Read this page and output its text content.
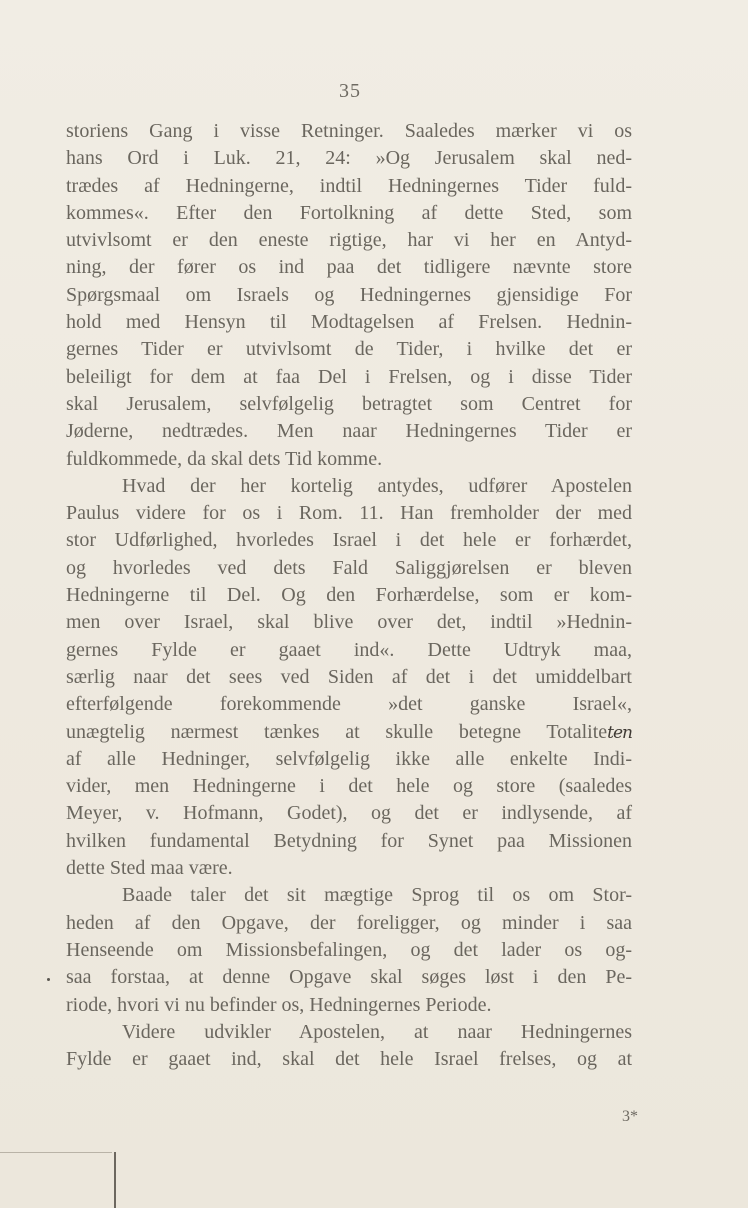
35
storiens Gang i visse Retninger. Saaledes mærker vi os
hans Ord i Luk. 21, 24: »Og Jerusalem skal ned-
trædes af Hedningerne, indtil Hedningernes Tider fuld-
kommes«. Efter den Fortolkning af dette Sted, som
utvivlsomt er den eneste rigtige, har vi her en Antyd-
ning, der fører os ind paa det tidligere nævnte store
Spørgsmaal om Israels og Hedningernes gjensidige For
hold med Hensyn til Modtagelsen af Frelsen. Hednin-
gernes Tider er utvivlsomt de Tider, i hvilke det er
beleiligt for dem at faa Del i Frelsen, og i disse Tider
skal Jerusalem, selvfølgelig betragtet som Centret for
Jøderne, nedtrædes. Men naar Hedningernes Tider er
fuldkommede, da skal dets Tid komme.
Hvad der her kortelig antydes, udfører Apostelen
Paulus videre for os i Rom. 11. Han fremholder der med
stor Udførlighed, hvorledes Israel i det hele er forhærdet,
og hvorledes ved dets Fald Saliggjørelsen er bleven
Hedningerne til Del. Og den Forhærdelse, som er kom-
men over Israel, skal blive over det, indtil »Hednin-
gernes Fylde er gaaet ind«. Dette Udtryk maa,
særlig naar det sees ved Siden af det i det umiddelbart
efterfølgende forekommende »det ganske Israel«,
unægtelig nærmest tænkes at skulle betegne Totaliteten
af alle Hedninger, selvfølgelig ikke alle enkelte Indi-
vider, men Hedningerne i det hele og store (saaledes
Meyer, v. Hofmann, Godet), og det er indlysende, af
hvilken fundamental Betydning for Synet paa Missionen
dette Sted maa være.
Baade taler det sit mægtige Sprog til os om Stor-
heden af den Opgave, der foreligger, og minder i saa
Henseende om Missionsbefalingen, og det lader os og-
saa forstaa, at denne Opgave skal søges løst i den Pe-
riode, hvori vi nu befinder os, Hedningernes Periode.
Videre udvikler Apostelen, at naar Hedningernes
Fylde er gaaet ind, skal det hele Israel frelses, og at
3*
